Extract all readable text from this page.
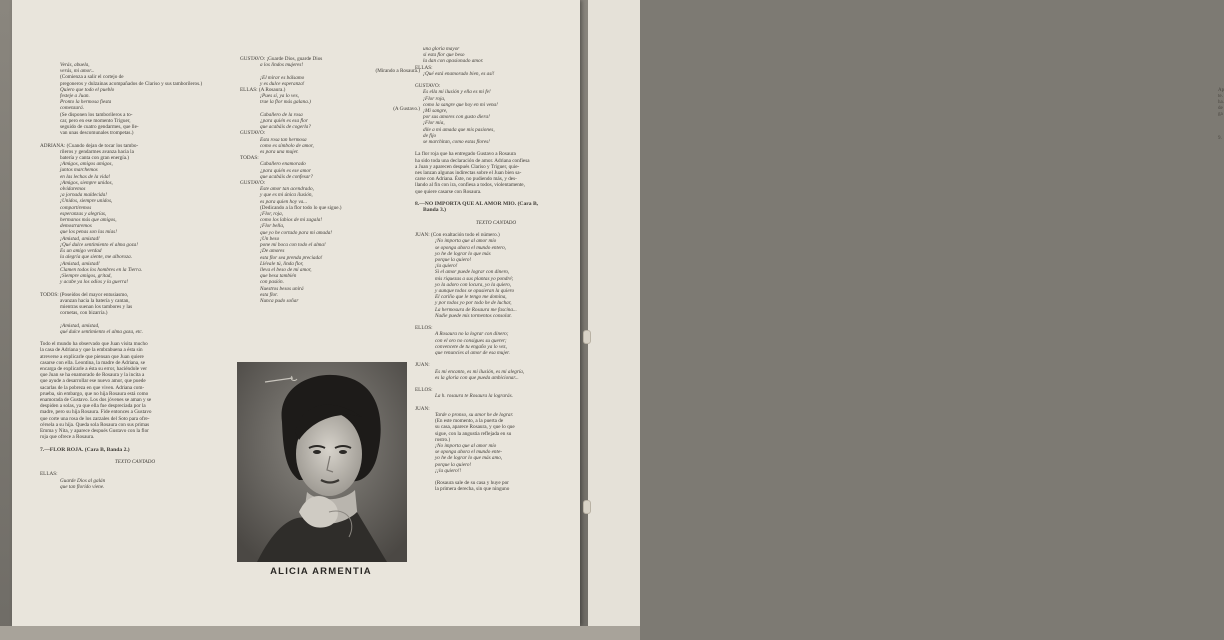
Ap
te.
ha.
de
ga

9.
Verás, abuela,
verás, mi amor...
(Comienza a salir el cortejo de
pregoneros y dulzainas acompañados de Clariso y sus tamborileros.)
Quiero que todo el pueblo
festeje a Juan.
Pronto la hermosa fiesta
comenzará.
(Se disponen los tamborileros a to-
car, pero en ese momento Triguer,
seguido de cuatro gendarmes, que lle-
van unas descomunales trompetas.)

ADRIANA: (Cuando dejan de tocar los tambo-
rileros y gendarmes avanza hacia la
batería y canta con gran energía.)
¡Amigos, amigos amigos,
juntos marchemos
en las lechas de la vida!
¡Amigos, siempre unidos,
olvidaremos
¡a jornada maldecida!
¡Unidos, siempre unidos,
compartiremos
esperanzas y alegrías,
hermanos más que amigos,
demostraremos
que los penas son las mías!
¡Amistad, amistad!
¡Qué dulce sentimiento el alma goza!
Es un amigo verdad
la alegría que siente, me alboroza.
¡Amistad, amistad!
Clamen todos los hombres en la Tierra.
¡Siempre amigos, gritad,
y acabe ya los odios y la guerra!

TODOS: (Poseídos del mayor entusiasmo,
avanzan hacia la batería y cantan,
mientras suenan los tambores y las
cornetas, con bizarría.)

¡Amistad, amistad,
qué dulce sentimiento el alma goza, etc.

Todo el mundo ha observado que Juan visita mucho
la casa de Adriana y que la embrabuena a ésta sin
atreverse a explicarle que piensan que Juan quiere
casarse con ella. Leontina, la madre de Adriana, se
encarga de explicarle a ésta su error, haciéndole ver
que Juan se ha enamorado de Rosaura y la incita a
que ayude a desarrollar ese nuevo amor, que puede
sacarlas de la pobreza en que viven. Adriana com-
prueba, sin embargo, que no hija Rosaura está como
enamorada de Gustavo. Los dos jóvenes se aman y se
despiden a solas, ya que ella fue despreciada por la
madre, pero su hija Rosaura. Fide entonces a Gustavo
que corte una rosa de los zarzales del Soto para ofre-
cérsela a su hija. Queda sola Rosaura con sus primas
Emma y Nita, y aparece después Gustavo con la flor
roja que ofrece a Rosaura.

7.—FLOR ROJA. (Cara B, Banda 2.)

TEXTO CANTADO

ELLAS:
Guarde Dios al galán
que tan florido viene.
GUSTAVO: ¡Guarde Dios, guarde Dios
a los lindos mujeres!
(Mirando a Rosaura.)
¡El mirar es bálsamo
y es dulce esperanza!
ELLAS: (A Rosaura.)
¡Pues sí, ya lo ves,
trae la flor más galana.)
(A Gustavo.)
Caballero de la rosa
¿para quién es esa flor
que acabáis de cogerla?
GUSTAVO:
Esta rosa tan hermosa
como es símbolo de amor,
es para una mujer.
TODAS:
Caballero enamorado
¿para quién es ese amor
que acabáis de confesar?
GUSTAVO:
Este amor tan acendrado,
y que es mi única ilusión,
es para quien hoy va...
(Dedicando a la flor todo lo que sigue.)
¡Flor, roja,
como los labios de mi zagala!
¡Flor bella,
que yo he cortado para mi amada!
¡Un beso
pone mi boca con todo el alma!
¡De amores
esta flor sea prenda preciada!
Llévale tú, linda flor,
lleva el beso de mi amor,
que besa también
con pasión.
Nuestros besos unirá
esta flor.
Nunca pudo soñar
una gloria mayor
si esta flor que beso
la dan con apasionado amor.
ELLAS:
¡Qué está enamorado bien, es así!

GUSTAVO:
Es ella mi ilusión y ella es mi fe!
¡Flor roja,
como la sangre que hoy en mi vena!
¡Mi sangre,
por sus amores con gusto diera!
¡Flor mía,
dile a mi amada que mis pasiones,
de fijo
se marchitan, como estas flores!

La flor roja que ha entregado Gustavo a Rosaura
ha sido toda una declaración de amor. Adriana confiesa
a Juan y aparecen después Clariso y Triguer, quie-
nes lanzan algunas indirectas sobre el Juan bien sa-
carse con Adriana. Éste, no pudiendo más, y des-
llando al fin con ira, confiesa a todos, violentamente,
que quiere casarse con Rosaura.

8.—NO IMPORTA QUE AL AMOR MIO. (Cara B,
Banda 3.)

TEXTO CANTADO

JUAN: (Con exaltación todo el número.)
¡No importa que al amor mío
se oponga ahora el mundo entero,
yo he de lograr lo que más
porque la quiero!
¡la quiero!
Si el amor puede lograr con dinero,
mis riquezas a sus plantas yo pondré;
yo la adoro con locura, yo la quiero,
y aunque todos se opusieran la quiero
El cariño que le tengo me domina,
y por todos yo por todo he de luchar,
La hermosura de Rosaura me fascina...
Nadie puede mis tormentos consolar.

ELLOS:
A Rosaura no la lograr con dinero;
con el oro no consigues su querer;
convencete de tu engaño ya lo vez,
que renuncies al amor de esa mujer.

JUAN:
Es mi encanto, es mi ilusión, es mi alegría,
es la gloria con que pueda ambicionar...

ELLOS:
La h. rosaura te Rosaura la lograrás.

JUAN:
Tarde o pronso, su amor he de lograr.
(En este momento, a la puerta de
su casa, aparece Rosaura, y que lo que
sigue, con la angustia reflejada en su
rostro.)
¡No importa que al amor mío
se oponga ahora el mundo ente-
yo he de lograr lo que más amo,
porque la quiero!
¡¡la quiero!!

(Rosaura sale de su casa y huye por
la primera derecha, sin que ninguno
ALICIA ARMENTIA
